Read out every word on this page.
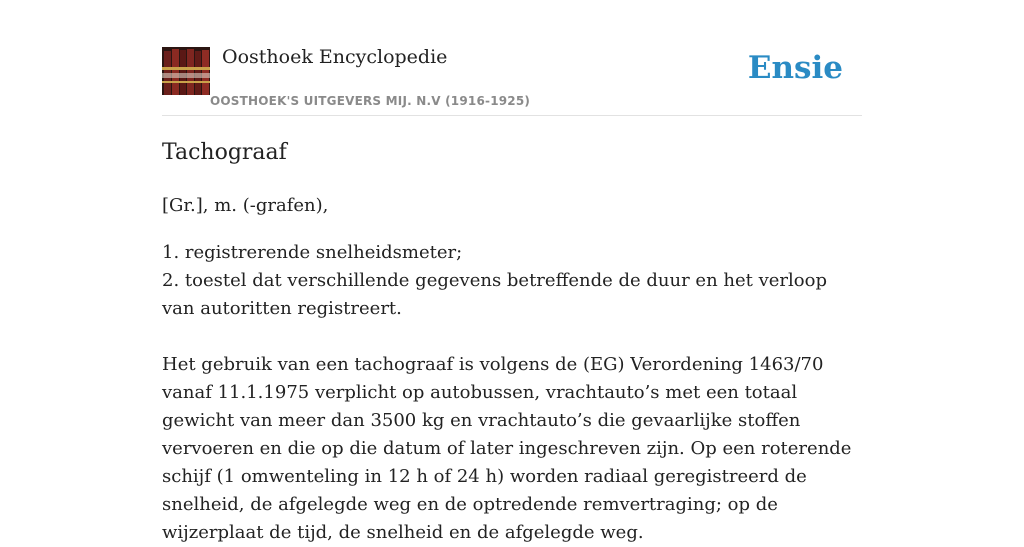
Oosthoek Encyclopedie
OOSTHOEK'S UITGEVERS MIJ. N.V (1916-1925)
Ensie
Tachograaf

[Gr.], m. (-grafen),

1. registrerende snelheidsmeter;

2. toestel dat verschillende gegevens betreffende de duur en het verloop van autoritten registreert.

Het gebruik van een tachograaf is volgens de (EG) Verordening 1463/70 vanaf 11.1.1975 verplicht op autobussen, vrachtauto’s met een totaal gewicht van meer dan 3500 kg en vrachtauto’s die gevaarlijke stoffen vervoeren en die op die datum of later ingeschreven zijn. Op een roterende schijf (1 omwenteling in 12 h of 24 h) worden radiaal geregistreerd de snelheid, de afgelegde weg en de optredende remvertraging; op de wijzerplaat de tijd, de snelheid en de afgelegde weg.
